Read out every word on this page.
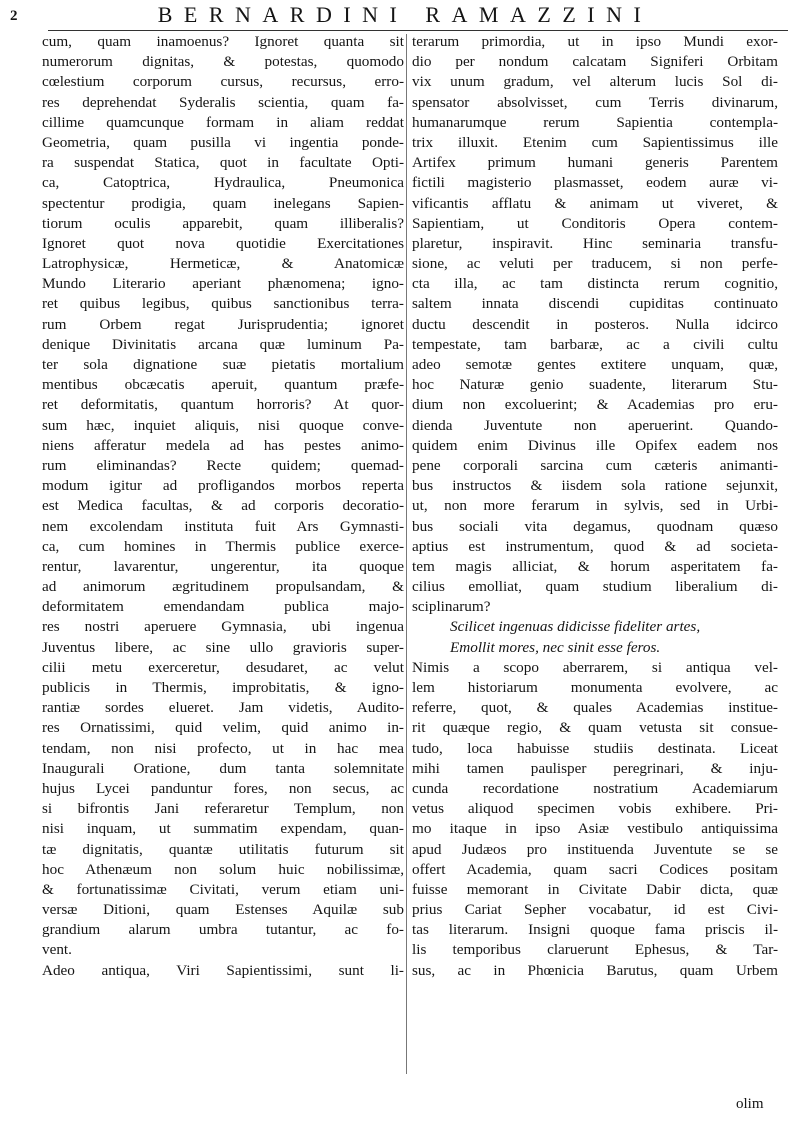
2	BERNARDINI RAMAZZINI
cum, quam inamoenus? Ignoret quanta sit
numerorum dignitas, & potestas, quomodo
cœlestium corporum cursus, recursus, erro-
res deprehendat Syderalis scientia, quam fa-
cillime quamcunque formam in aliam reddat
Geometria, quam pusilla vi ingentia ponde-
ra suspendat Statica, quot in facultate Opti-
ca, Catoptrica, Hydraulica, Pneumonica
spectentur prodigia, quam inelegans Sapien-
tiorum oculis apparebit, quam illiberalis?
Ignoret quot nova quotidie Exercitationes
Latrophysicæ, Hermeticæ, & Anatomicæ
Mundo Literario aperiant phænomena; igno-
ret quibus legibus, quibus sanctionibus terra-
rum Orbem regat Jurisprudentia; ignoret
denique Divinitatis arcana quæ luminum Pa-
ter sola dignatione suæ pietatis mortalium
mentibus obcæcatis aperuit, quantum præfe-
ret deformitatis, quantum horroris? At quor-
sum hæc, inquiet aliquis, nisi quoque conve-
niens afferatur medela ad has pestes animo-
rum eliminandas? Recte quidem; quemad-
modum igitur ad profligandos morbos reperta
est Medica facultas, & ad corporis decoratio-
nem excolendam instituta fuit Ars Gymnasti-
ca, cum homines in Thermis publice exerce-
rentur, lavarentur, ungerentur, ita quoque
ad animorum ægritudinem propulsandam, &
deformitatem emendandam publica majo-
res nostri aperuere Gymnasia, ubi ingenua
Juventus libere, ac sine ullo gravioris super-
cilii metu exerceretur, desudaret, ac velut
publicis in Thermis, improbitatis, & igno-
rantiæ sordes elueret. Jam videtis, Audito-
res Ornatissimi, quid velim, quid animo in-
tendam, non nisi profecto, ut in hac mea
Inaugurali Oratione, dum tanta solemnitate
hujus Lycei panduntur fores, non secus, ac
si bifrontis Jani referaretur Templum, non
nisi inquam, ut summatim expendam, quan-
tæ dignitatis, quantæ utilitatis futurum sit
hoc Athenæum non solum huic nobilissimæ,
& fortunatissimæ Civitati, verum etiam uni-
versæ Ditioni, quam Estenses Aquilæ sub
grandium alarum umbra tutantur, ac fo-
vent.
Adeo antiqua, Viri Sapientissimi, sunt li-
terarum primordia, ut in ipso Mundi exor-
dio per nondum calcatam Signiferi Orbitam
vix unum gradum, vel alterum lucis Sol di-
spensator absolvisset, cum Terris divinarum,
humanarumque rerum Sapientia contempla-
trix illuxit. Etenim cum Sapientissimus ille
Artifex primum humani generis Parentem
fictili magisterio plasmasset, eodem auræ vi-
vificantis afflatu & animam ut viveret, &
Sapientiam, ut Conditoris Opera contem-
plaretur, inspiravit. Hinc seminaria transfu-
sione, ac veluti per traducem, si non perfe-
cta illa, ac tam distincta rerum cognitio,
saltem innata discendi cupiditas continuato
ductu descendit in posteros. Nulla idcirco
tempestate, tam barbaræ, ac a civili cultu
adeo semotæ gentes extitere unquam, quæ,
hoc Naturæ genio suadente, literarum Stu-
dium non excoluerint; & Academias pro eru-
dienda Juventute non aperuerint. Quando-
quidem enim Divinus ille Opifex eadem nos
pene corporali sarcina cum cæteris animanti-
bus instructos & iisdem sola ratione sejunxit,
ut, non more ferarum in sylvis, sed in Urbi-
bus sociali vita degamus, quodnam quæso
aptius est instrumentum, quod & ad societa-
tem magis alliciat, & horum asperitatem fa-
cilius emolliat, quam studium liberalium di-
sciplinarum?
Scilicet ingenuas didicisse fideliter artes,
Emollit mores, nec sinit esse feros.
Nimis a scopo aberrarem, si antiqua vel-
lem historiarum monumenta evolvere, ac
referre, quot, & quales Academias institue-
rit quæque regio, & quam vetusta sit consue-
tudo, loca habuisse studiis destinata. Liceat
mihi tamen paulisper peregrinari, & inju-
cunda recordatione nostratium Academiarum
vetus aliquod specimen vobis exhibere. Pri-
mo itaque in ipso Asiæ vestibulo antiquissima
apud Judæos pro instituenda Juventute se se
offert Academia, quam sacri Codices positam
fuisse memorant in Civitate Dabir dicta, quæ
prius Cariat Sepher vocabatur, id est Civi-
tas literarum. Insigni quoque fama priscis il-
lis temporibus claruerunt Ephesus, & Tar-
sus, ac in Phœnicia Barutus, quam Urbem
olim
